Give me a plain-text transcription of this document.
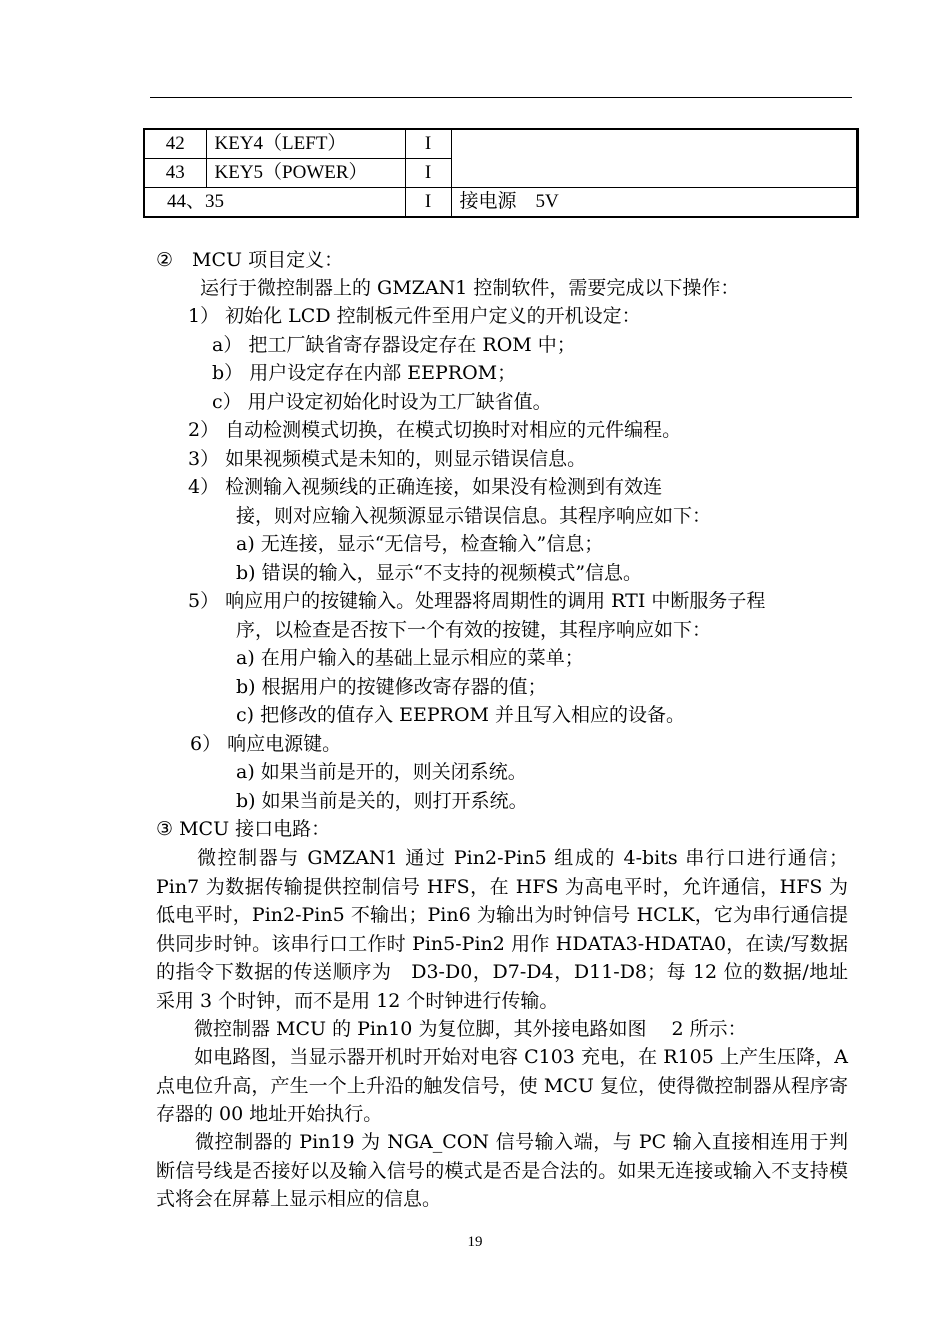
42	KEY4（LEFT）	I	
43	KEY5（POWER）	I	
44、35		I	接电源　5V
②　MCU 项目定义：
运行于微控制器上的 GMZAN1 控制软件，需要完成以下操作：
1） 初始化 LCD 控制板元件至用户定义的开机设定：
a） 把工厂缺省寄存器设定存在 ROM 中；
b） 用户设定存在内部 EEPROM；
c） 用户设定初始化时设为工厂缺省值。
2） 自动检测模式切换，在模式切换时对相应的元件编程。
3） 如果视频模式是未知的，则显示错误信息。
4） 检测输入视频线的正确连接，如果没有检测到有效连
接，则对应输入视频源显示错误信息。其程序响应如下：
a) 无连接，显示“无信号，检查输入”信息；
b) 错误的输入，显示“不支持的视频模式”信息。
5） 响应用户的按键输入。处理器将周期性的调用 RTI 中断服务子程
序，以检查是否按下一个有效的按键，其程序响应如下：
a) 在用户输入的基础上显示相应的菜单；
b) 根据用户的按键修改寄存器的值；
c) 把修改的值存入 EEPROM 并且写入相应的设备。
6） 响应电源键。
a) 如果当前是开的，则关闭系统。
b) 如果当前是关的，则打开系统。
③ MCU 接口电路：
　　微控制器与 GMZAN1 通过 Pin2-Pin5 组成的 4-bits 串行口进行通信；Pin7 为数据传输提供控制信号 HFS，在 HFS 为高电平时，允许通信，HFS 为低电平时，Pin2-Pin5 不输出；Pin6 为输出为时钟信号 HCLK，它为串行通信提供同步时钟。该串行口工作时 Pin5-Pin2 用作 HDATA3-HDATA0，在读/写数据的指令下数据的传送顺序为　D3-D0，D7-D4，D11-D8；每 12 位的数据/地址采用 3 个时钟，而不是用 12 个时钟进行传输。
　　微控制器 MCU 的 Pin10 为复位脚，其外接电路如图　 2 所示：
　　如电路图，当显示器开机时开始对电容 C103 充电，在 R105 上产生压降，A 点电位升高，产生一个上升沿的触发信号，使 MCU 复位，使得微控制器从程序寄存器的 00 地址开始执行。
　　微控制器的 Pin19 为 NGA_CON 信号输入端，与 PC 输入直接相连用于判断信号线是否接好以及输入信号的模式是否是合法的。如果无连接或输入不支持模式将会在屏幕上显示相应的信息。
19
